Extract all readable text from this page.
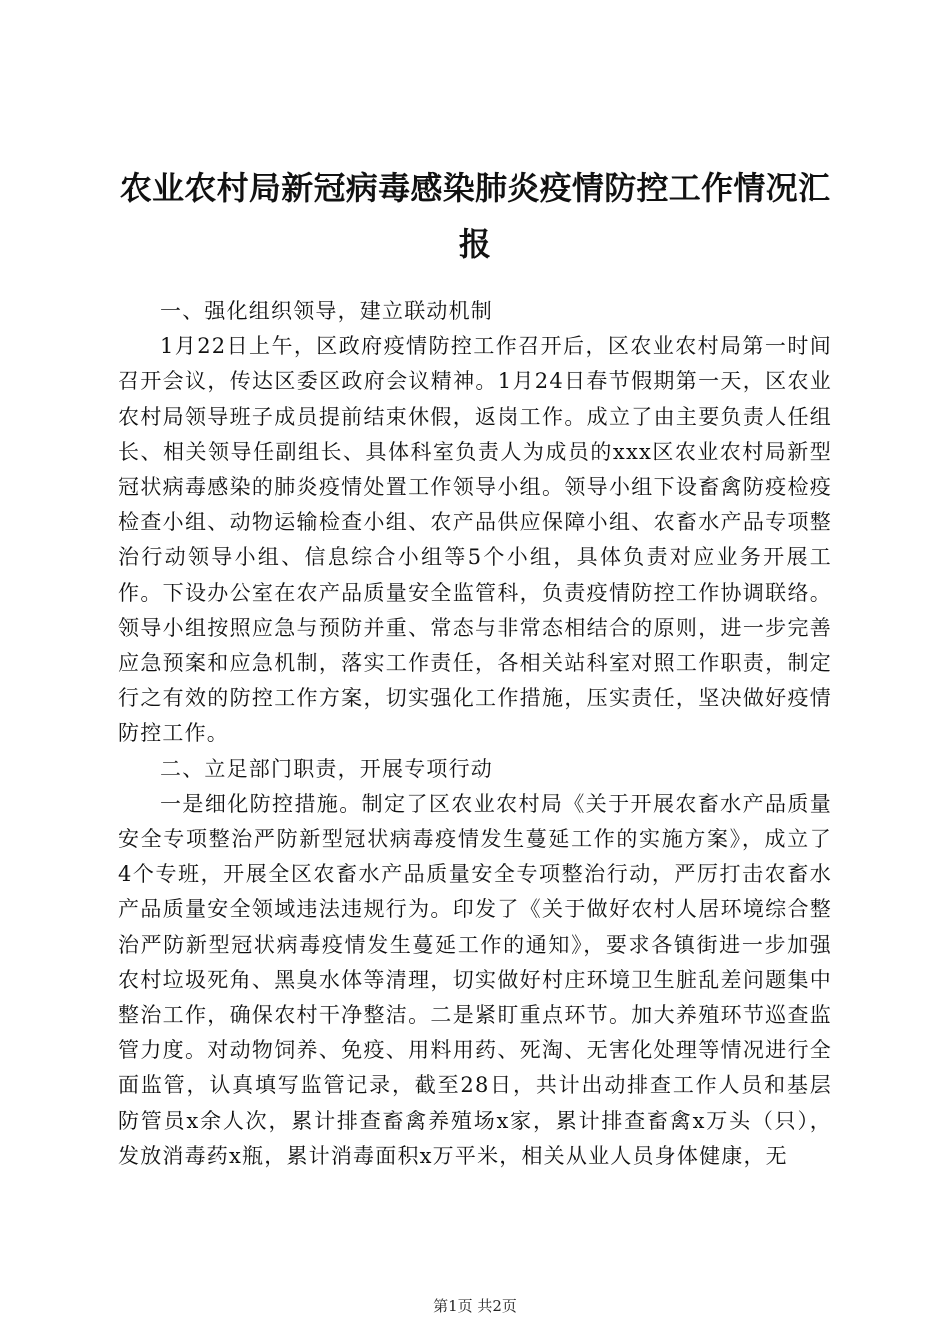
农业农村局新冠病毒感染肺炎疫情防控工作情况汇报

一、强化组织领导，建立联动机制

1月22日上午，区政府疫情防控工作召开后，区农业农村局第一时间召开会议，传达区委区政府会议精神。1月24日春节假期第一天，区农业农村局领导班子成员提前结束休假，返岗工作。成立了由主要负责人任组长、相关领导任副组长、具体科室负责人为成员的xxx区农业农村局新型冠状病毒感染的肺炎疫情处置工作领导小组。领导小组下设畜禽防疫检疫检查小组、动物运输检查小组、农产品供应保障小组、农畜水产品专项整治行动领导小组、信息综合小组等5个小组，具体负责对应业务开展工作。下设办公室在农产品质量安全监管科，负责疫情防控工作协调联络。领导小组按照应急与预防并重、常态与非常态相结合的原则，进一步完善应急预案和应急机制，落实工作责任，各相关站科室对照工作职责，制定行之有效的防控工作方案，切实强化工作措施，压实责任，坚决做好疫情防控工作。

二、立足部门职责，开展专项行动

一是细化防控措施。制定了区农业农村局《关于开展农畜水产品质量安全专项整治严防新型冠状病毒疫情发生蔓延工作的实施方案》，成立了4个专班，开展全区农畜水产品质量安全专项整治行动，严厉打击农畜水产品质量安全领域违法违规行为。印发了《关于做好农村人居环境综合整治严防新型冠状病毒疫情发生蔓延工作的通知》，要求各镇街进一步加强农村垃圾死角、黑臭水体等清理，切实做好村庄环境卫生脏乱差问题集中整治工作，确保农村干净整洁。二是紧盯重点环节。加大养殖环节巡查监管力度。对动物饲养、免疫、用料用药、死淘、无害化处理等情况进行全面监管，认真填写监管记录，截至28日，共计出动排查工作人员和基层防管员x余人次，累计排查畜禽养殖场x家，累计排查畜禽x万头（只），发放消毒药x瓶，累计消毒面积x万平米，相关从业人员身体健康，无

第1页 共2页
